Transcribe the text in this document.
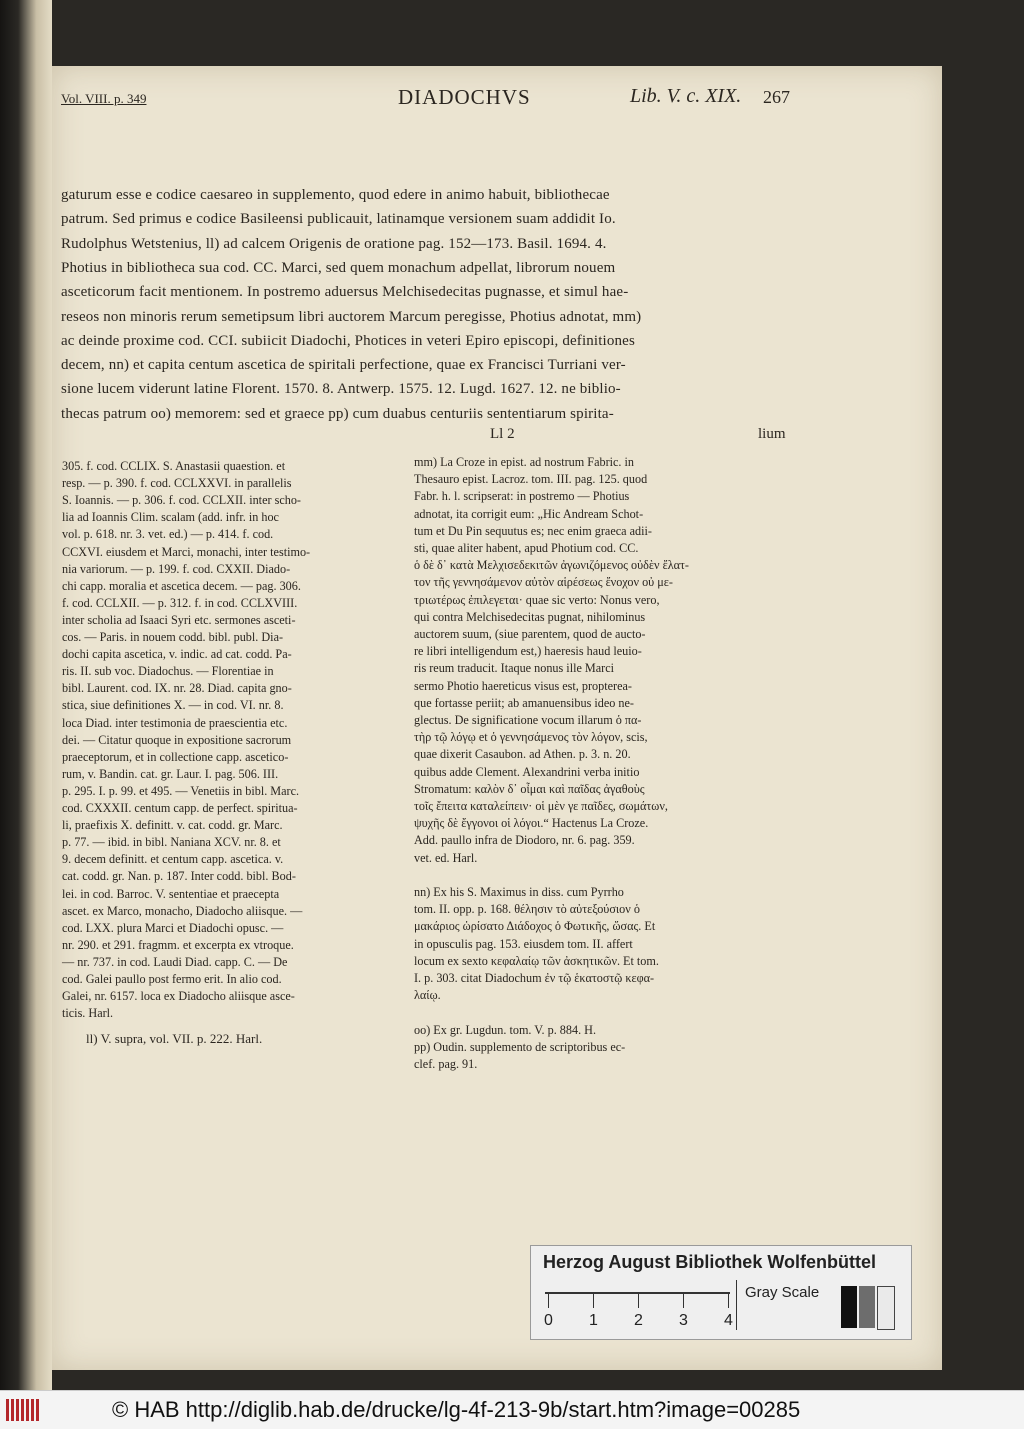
Vol. VIII. p. 349	DIADOCHVS	Lib. V. c. XIX. 267
gaturum esse e codice caesareo in supplemento, quod edere in animo habuit, bibliothecae
patrum. Sed primus e codice Basileensi publicauit, latinamque versionem suam addidit Io.
Rudolphus Wetstenius, ll) ad calcem Origenis de oratione pag. 152—173. Basil. 1694. 4.
Photius in bibliotheca sua cod. CC. Marci, sed quem monachum adpellat, librorum nouem
asceticorum facit mentionem. In postremo aduersus Melchisedecitas pugnasse, et simul hae-
reseos non minoris rerum semetipsum libri auctorem Marcum peregisse, Photius adnotat, mm)
ac deinde proxime cod. CCI. subiicit Diadochi, Photices in veteri Epiro episcopi, definitiones
decem, nn) et capita centum ascetica de spiritali perfectione, quae ex Francisci Turriani ver-
sione lucem viderunt latine Florent. 1570. 8. Antwerp. 1575. 12. Lugd. 1627. 12. ne biblio-
thecas patrum oo) memorem: sed et graece pp) cum duabus centuriis sententiarum spirita-
Ll 2	lium
305. f. cod. CCLIX. S. Anastasii quaestion. et
resp. — p. 390. f. cod. CCLXXVI. in parallelis
S. Ioannis. — p. 306. f. cod. CCLXII. inter scho-
lia ad Ioannis Clim. scalam (add. infr. in hoc
vol. p. 618. nr. 3. vet. ed.) — p. 414. f. cod.
CCXVI. eiusdem et Marci, monachi, inter testimo-
nia variorum. — p. 199. f. cod. CXXII. Diado-
chi capp. moralia et ascetica decem. — pag. 306.
f. cod. CCLXII. — p. 312. f. in cod. CCLXVIII.
inter scholia ad Isaaci Syri etc. sermones asceti-
cos. — Paris. in nouem codd. bibl. publ. Dia-
dochi capita ascetica, v. indic. ad cat. codd. Pa-
ris. II. sub voc. Diadochus. — Florentiae in
bibl. Laurent. cod. IX. nr. 28. Diad. capita gno-
stica, siue definitiones X. — in cod. VI. nr. 8.
loca Diad. inter testimonia de praescientia etc.
dei. — Citatur quoque in expositione sacrorum
praeceptorum, et in collectione capp. ascetico-
rum, v. Bandin. cat. gr. Laur. I. pag. 506. III.
p. 295. I. p. 99. et 495. — Venetiis in bibl. Marc.
cod. CXXXII. centum capp. de perfect. spiritua-
li, praefixis X. definitt. v. cat. codd. gr. Marc.
p. 77. — ibid. in bibl. Naniana XCV. nr. 8. et
9. decem definitt. et centum capp. ascetica. v.
cat. codd. gr. Nan. p. 187. Inter codd. bibl. Bod-
lei. in cod. Barroc. V. sententiae et praecepta
ascet. ex Marco, monacho, Diadocho aliisque. —
cod. LXX. plura Marci et Diadochi opusc. —
nr. 290. et 291. fragmm. et excerpta ex vtroque.
— nr. 737. in cod. Laudi Diad. capp. C. — De
cod. Galei paullo post fermo erit. In alio cod.
Galei, nr. 6157. loca ex Diadocho aliisque asce-
ticis. Harl.
ll) V. supra, vol. VII. p. 222. Harl.
mm) La Croze in epist. ad nostrum Fabric. in
Thesauro epist. Lacroz. tom. III. pag. 125. quod
Fabr. h. l. scripserat: in postremo — Photius
adnotat, ita corrigit eum: „Hic Andream Schot-
tum et Du Pin sequutus es; nec enim graeca adii-
sti, quae aliter habent, apud Photium cod. CC.
ὁ δὲ δ᾽ κατὰ Μελχισεδεκιτῶν ἀγωνιζόμενος οὐδὲν ἔλατ-
τον τῆς γεννησάμενον αὐτὸν αἱρέσεως ἔνοχον οὐ με-
τριωτέρως ἐπιλεγεται· quae sic verto: Nonus vero,
qui contra Melchisedecitas pugnat, nihilominus
auctorem suum, (siue parentem, quod de aucto-
re libri intelligendum est,) haeresis haud leuio-
ris reum traducit. Itaque nonus ille Marci
sermo Photio haereticus visus est, propterea-
que fortasse periit; ab amanuensibus ideo ne-
glectus. De significatione vocum illarum ὁ πα-
τὴρ τῷ λόγῳ et ὁ γεννησάμενος τὸν λόγον, scis,
quae dixerit Casaubon. ad Athen. p. 3. n. 20.
quibus adde Clement. Alexandrini verba initio
Stromatum: καλὸν δ᾽ οἶμαι καὶ παῖδας ἀγαθοὺς
τοῖς ἔπειτα καταλείπειν· οἱ μὲν γε παῖδες, σωμάτων,
ψυχῆς δὲ ἔγγονοι οἱ λόγοι.“ Hactenus La Croze.
Add. paullo infra de Diodoro, nr. 6. pag. 359.
vet. ed. Harl.
nn) Ex his S. Maximus in diss. cum Pyrrho
tom. II. opp. p. 168. θέλησιν τὸ αὐτεξούσιον ὁ
μακάριος ὡρίσατο Διάδοχος ὁ Φωτικῆς, ὥσας. Et
in opusculis pag. 153. eiusdem tom. II. affert
locum ex sexto κεφαλαίῳ τῶν ἀσκητικῶν. Et tom.
I. p. 303. citat Diadochum ἐν τῷ ἑκατοστῷ κεφα-
λαίῳ.
oo) Ex gr. Lugdun. tom. V. p. 884. H.
pp) Oudin. supplemento de scriptoribus ec-
clef. pag. 91.
Herzog August Bibliothek Wolfenbüttel
0 1 2 3 4
Gray Scale
© HAB http://diglib.hab.de/drucke/lg-4f-213-9b/start.htm?image=00285
